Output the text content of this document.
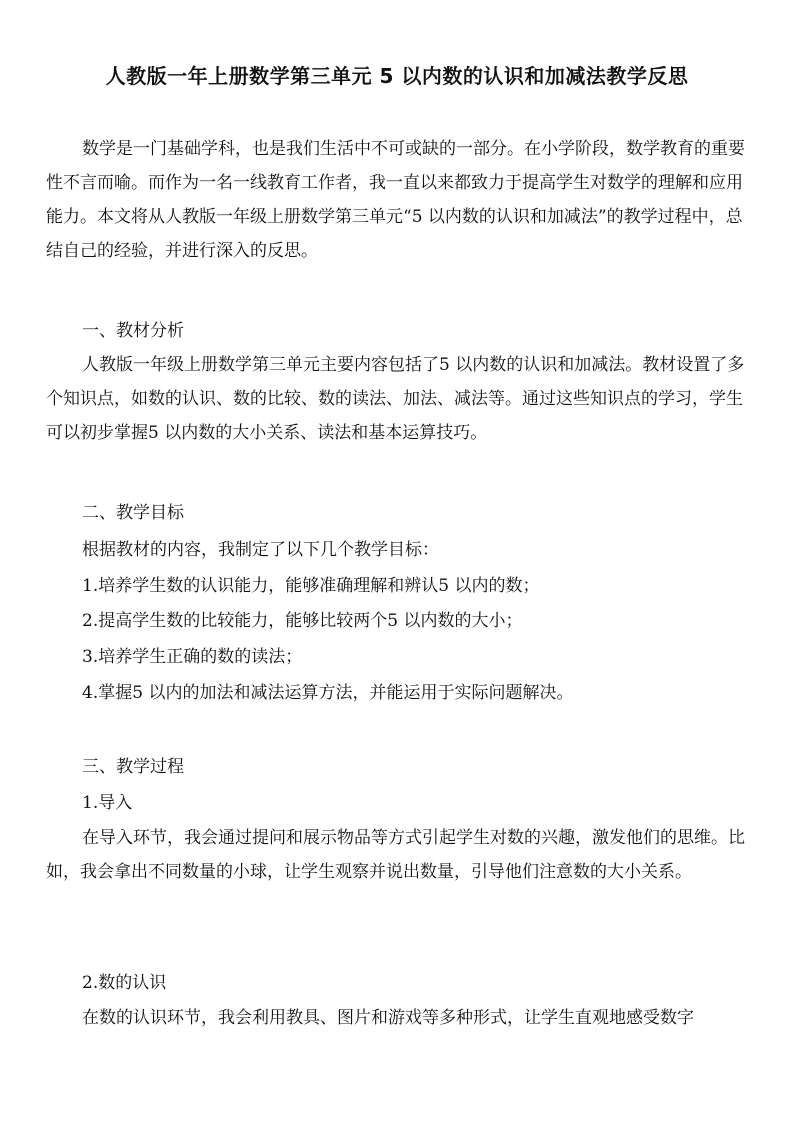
人教版一年上册数学第三单元 5 以内数的认识和加减法教学反思

数学是一门基础学科，也是我们生活中不可或缺的一部分。在小学阶段，数学教育的重要性不言而喻。而作为一名一线教育工作者，我一直以来都致力于提高学生对数学的理解和应用能力。本文将从人教版一年级上册数学第三单元“5 以内数的认识和加减法”的教学过程中，总结自己的经验，并进行深入的反思。

一、教材分析

人教版一年级上册数学第三单元主要内容包括了5 以内数的认识和加减法。教材设置了多个知识点，如数的认识、数的比较、数的读法、加法、减法等。通过这些知识点的学习，学生可以初步掌握5 以内数的大小关系、读法和基本运算技巧。

二、教学目标
根据教材的内容，我制定了以下几个教学目标：
1.培养学生数的认识能力，能够准确理解和辨认5 以内的数；
2.提高学生数的比较能力，能够比较两个5 以内数的大小；
3.培养学生正确的数的读法；
4.掌握5 以内的加法和减法运算方法，并能运用于实际问题解决。
三、教学过程
1.导入

在导入环节，我会通过提问和展示物品等方式引起学生对数的兴趣，激发他们的思维。比如，我会拿出不同数量的小球，让学生观察并说出数量，引导他们注意数的大小关系。

2.数的认识

在数的认识环节，我会利用教具、图片和游戏等多种形式，让学生直观地感受数字
